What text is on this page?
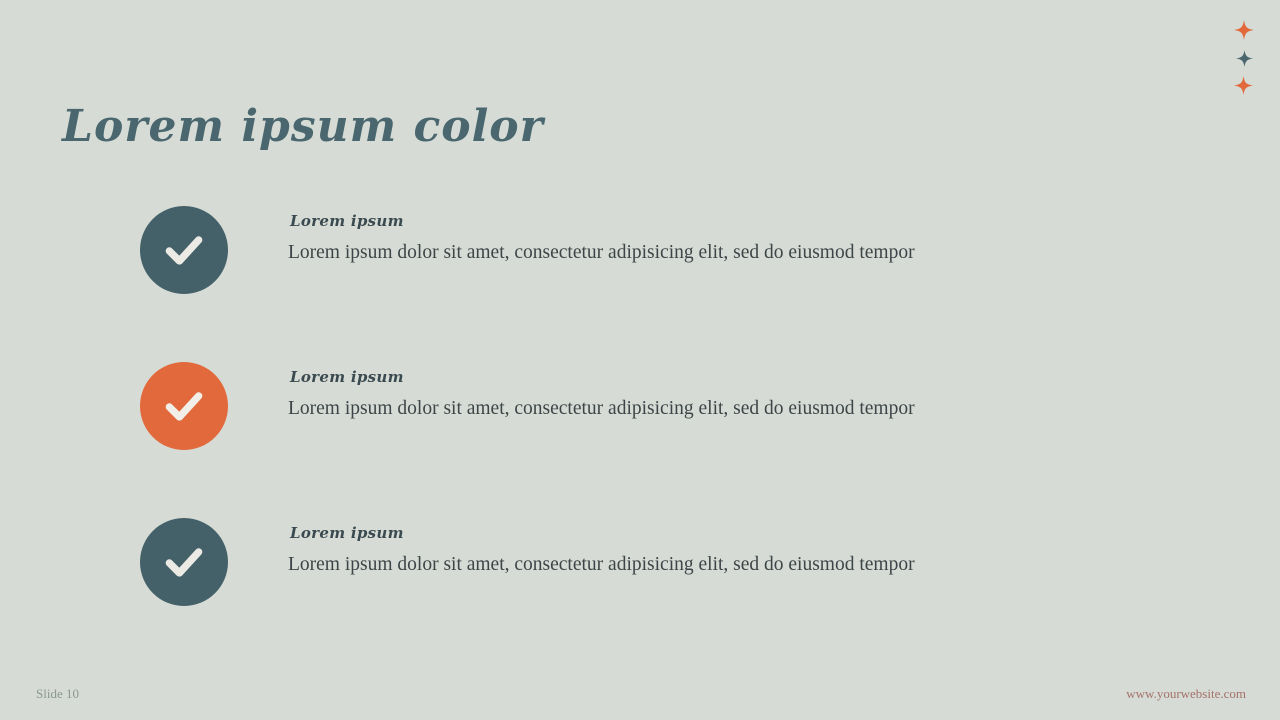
Lorem ipsum color

Lorem ipsum

Lorem ipsum dolor sit amet, consectetur adipisicing elit, sed do eiusmod tempor

Lorem ipsum

Lorem ipsum dolor sit amet, consectetur adipisicing elit, sed do eiusmod tempor

Lorem ipsum

Lorem ipsum dolor sit amet, consectetur adipisicing elit, sed do eiusmod tempor

Slide 10	www.yourwebsite.com
